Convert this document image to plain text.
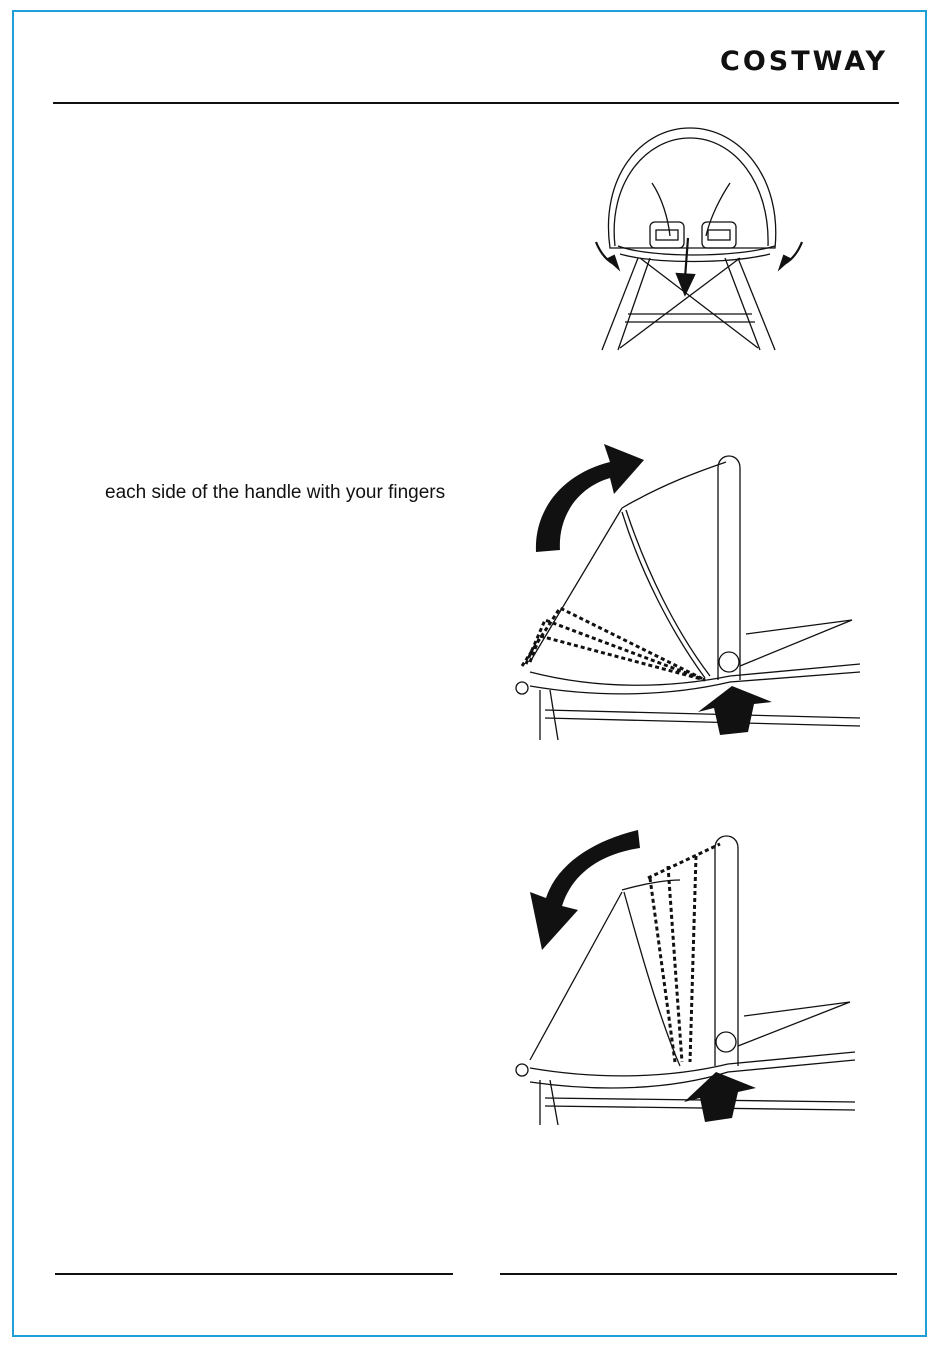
COSTWAY
each side of the handle with your fingers
